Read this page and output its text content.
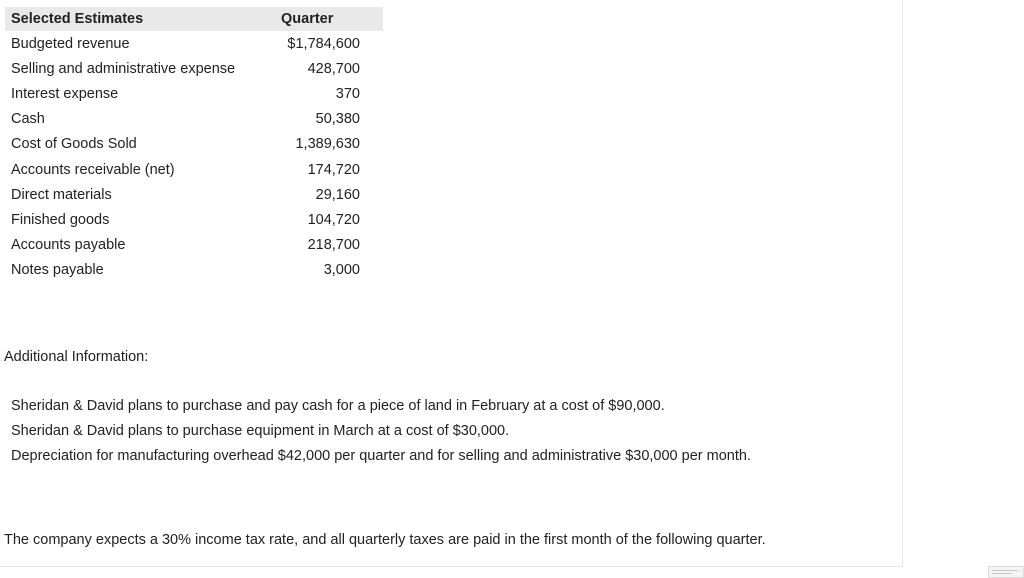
Selected Estimates	Quarter
Budgeted revenue	$1,784,600
Selling and administrative expense	428,700
Interest expense	370
Cash	50,380
Cost of Goods Sold	1,389,630
Accounts receivable (net)	174,720
Direct materials	29,160
Finished goods	104,720
Accounts payable	218,700
Notes payable	3,000
Additional Information:
Sheridan & David plans to purchase and pay cash for a piece of land in February at a cost of $90,000.
Sheridan & David plans to purchase equipment in March at a cost of $30,000.
Depreciation for manufacturing overhead $42,000 per quarter and for selling and administrative $30,000 per month.
The company expects a 30% income tax rate, and all quarterly taxes are paid in the first month of the following quarter.
